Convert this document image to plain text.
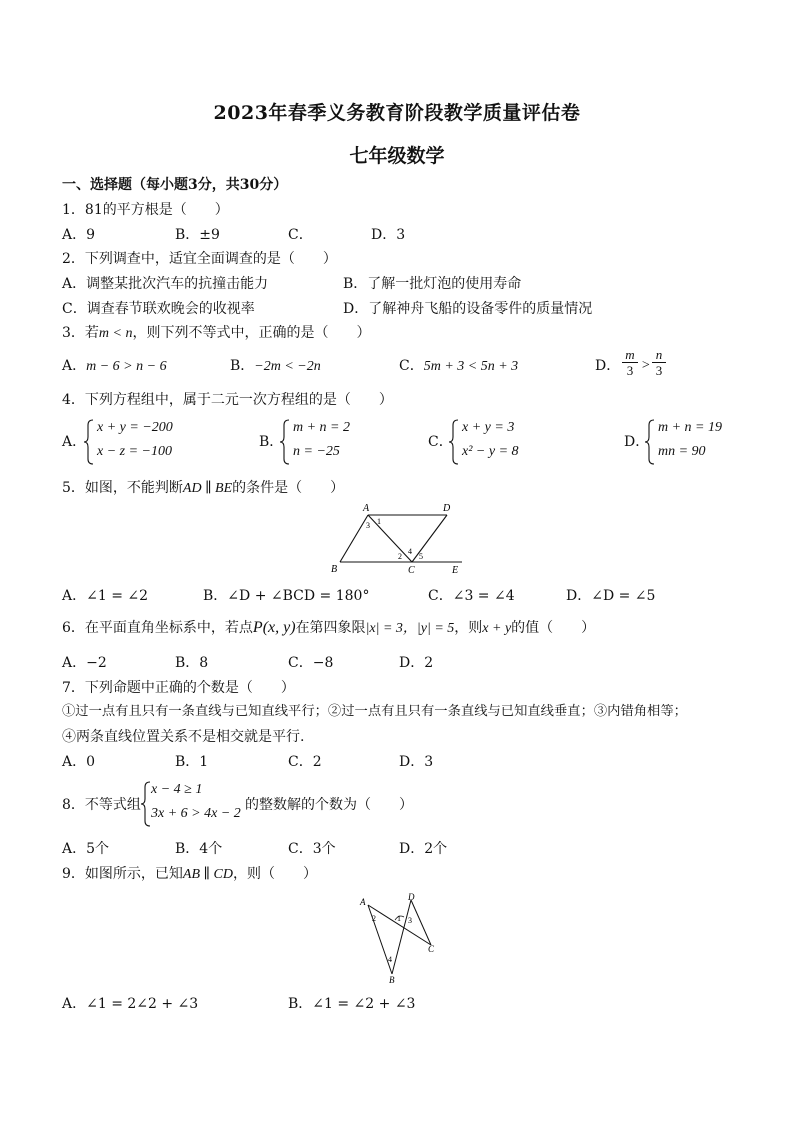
2023年春季义务教育阶段教学质量评估卷
七年级数学
一、选择题（每小题3分，共30分）
1．81的平方根是（　　）
A．9	B．±9	C．	D．3
2．下列调查中，适宜全面调查的是（　　）
A．调整某批次汽车的抗撞击能力	B．了解一批灯泡的使用寿命
C．调查春节联欢晚会的收视率	D．了解神舟飞船的设备零件的质量情况
3．若m < n，则下列不等式中，正确的是（　　）
A．m − 6 > n − 6	B．−2m < −2n	C．5m + 3 < 5n + 3	D．
m
3 >
n
3
4．下列方程组中，属于二元一次方程组的是（　　）
A．
x + y = −200
x − z = −100
B．
m + n = 2
n = −25
C．
x + y = 3
x² − y = 8
D．
m + n = 19
mn = 90
5．如图，不能判断AD ∥ BE的条件是（　　）
A	D
B	C	E
1
2
3
4
5
A．∠1 = ∠2	B．∠D + ∠BCD = 180°	C．∠3 = ∠4	D．∠D = ∠5
6．在平面直角坐标系中，若点P(x, y)在第四象限|x| = 3，|y| = 5，则x + y的值（　　）
A．−2	B．8	C．−8	D．2
7．下列命题中正确的个数是（　　）
①过一点有且只有一条直线与已知直线平行；②过一点有且只有一条直线与已知直线垂直；③内错角相等；
④两条直线位置关系不是相交就是平行.
A．0	B．1	C．2	D．3
8．不等式组
x − 4 ≥ 1
3x + 6 > 4x − 2
的整数解的个数为（　　）
A．5个	B．4个	C．3个	D．2个
9．如图所示，已知AB ∥ CD，则（　　）
A	D
B
C
1
2	3
4
A．∠1 = 2∠2 + ∠3	B．∠1 = ∠2 + ∠3
